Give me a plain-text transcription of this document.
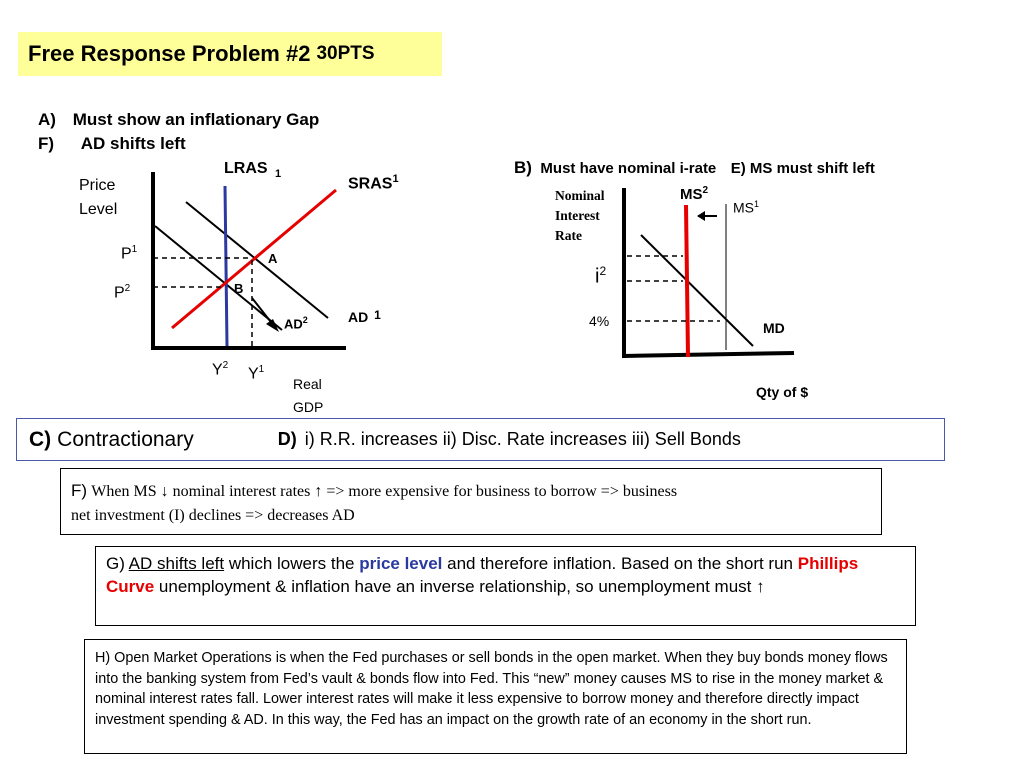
Free Response Problem #2 30PTS
A) Must show an inflationary Gap
F) AD shifts left
B) Must have nominal i-rate E) MS must shift left
Price
Level
LRAS $_1$
SRAS$^1$
$P^1$
$P^2$
A
B
$AD^2$	AD 1
$Y^2$ $Y^1$
Real
GDP
Nominal
Interest
Rate
$MS^2$
$MS^1$
$i^2$
4%	MD
Qty of $
C) Contractionary	D) i) R.R. increases ii) Disc. Rate increases iii) Sell Bonds
F) When MS ↓ nominal interest rates ↑ => more expensive for business to borrow => business
net investment (I) declines => decreases AD
G) AD shifts left which lowers the price level and therefore inflation. Based on the short run Phillips Curve unemployment & inflation have an inverse relationship, so unemployment must ↑
H) Open Market Operations is when the Fed purchases or sell bonds in the open market. When they buy bonds money flows into the banking system from Fed’s vault & bonds flow into Fed. This “new” money causes MS to rise in the money market & nominal interest rates fall. Lower interest rates will make it less expensive to borrow money and therefore directly impact investment spending & AD. In this way, the Fed has an impact on the growth rate of an economy in the short run.
